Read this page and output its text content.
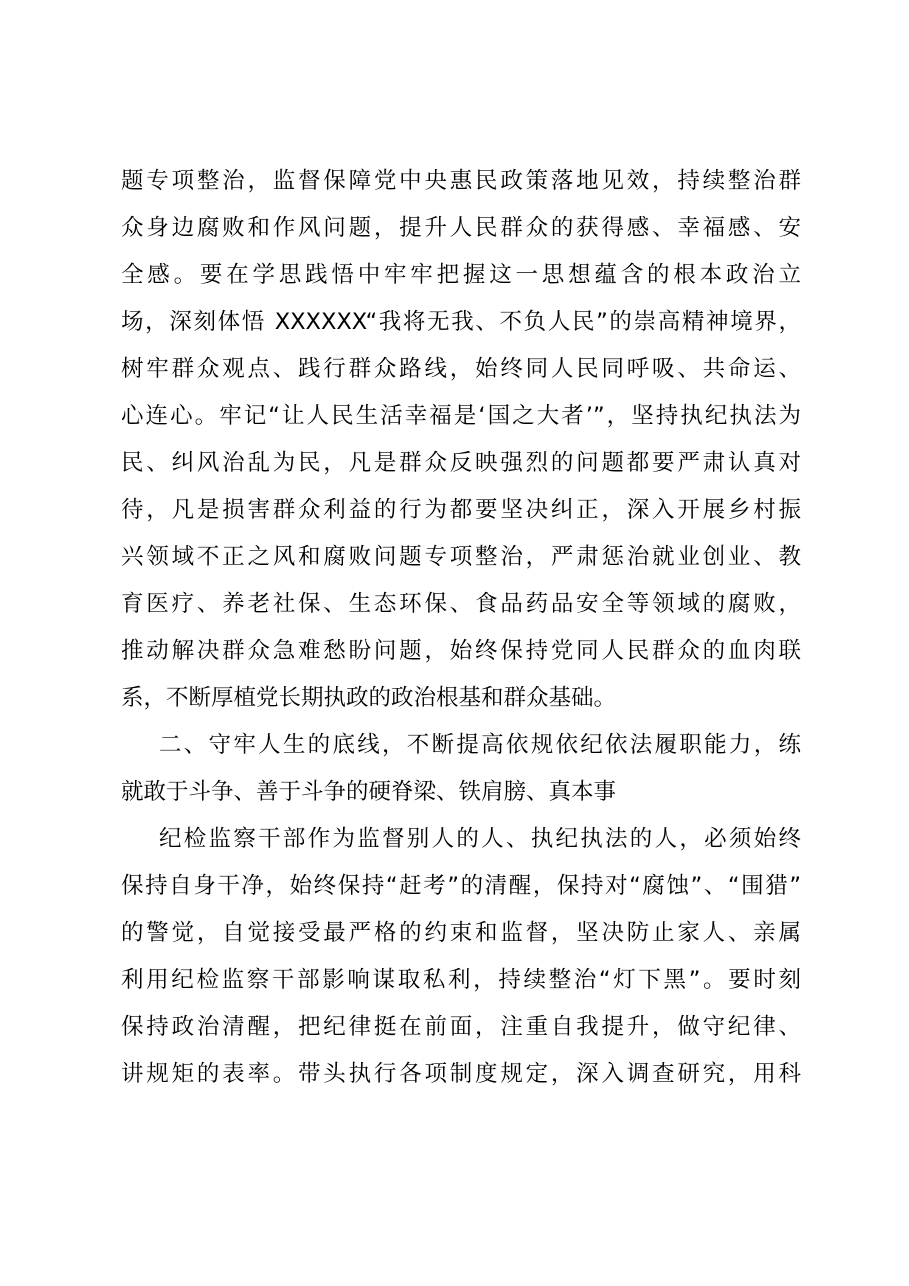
题专项整治，监督保障党中央惠民政策落地见效，持续整治群
众身边腐败和作风问题，提升人民群众的获得感、幸福感、安
全感。要在学思践悟中牢牢把握这一思想蕴含的根本政治立
场，深刻体悟 XXXXXX“我将无我、不负人民”的崇高精神境界，
树牢群众观点、践行群众路线，始终同人民同呼吸、共命运、
心连心。牢记“让人民生活幸福是‘国之大者’”，坚持执纪执法为
民、纠风治乱为民，凡是群众反映强烈的问题都要严肃认真对
待，凡是损害群众利益的行为都要坚决纠正，深入开展乡村振
兴领域不正之风和腐败问题专项整治，严肃惩治就业创业、教
育医疗、养老社保、生态环保、食品药品安全等领域的腐败，
推动解决群众急难愁盼问题，始终保持党同人民群众的血肉联
系，不断厚植党长期执政的政治根基和群众基础。
二、守牢人生的底线，不断提高依规依纪依法履职能力，练
就敢于斗争、善于斗争的硬脊梁、铁肩膀、真本事
纪检监察干部作为监督别人的人、执纪执法的人，必须始终
保持自身干净，始终保持“赶考”的清醒，保持对“腐蚀”、“围猎”
的警觉，自觉接受最严格的约束和监督，坚决防止家人、亲属
利用纪检监察干部影响谋取私利，持续整治“灯下黑”。要时刻
保持政治清醒，把纪律挺在前面，注重自我提升，做守纪律、
讲规矩的表率。带头执行各项制度规定，深入调查研究，用科
